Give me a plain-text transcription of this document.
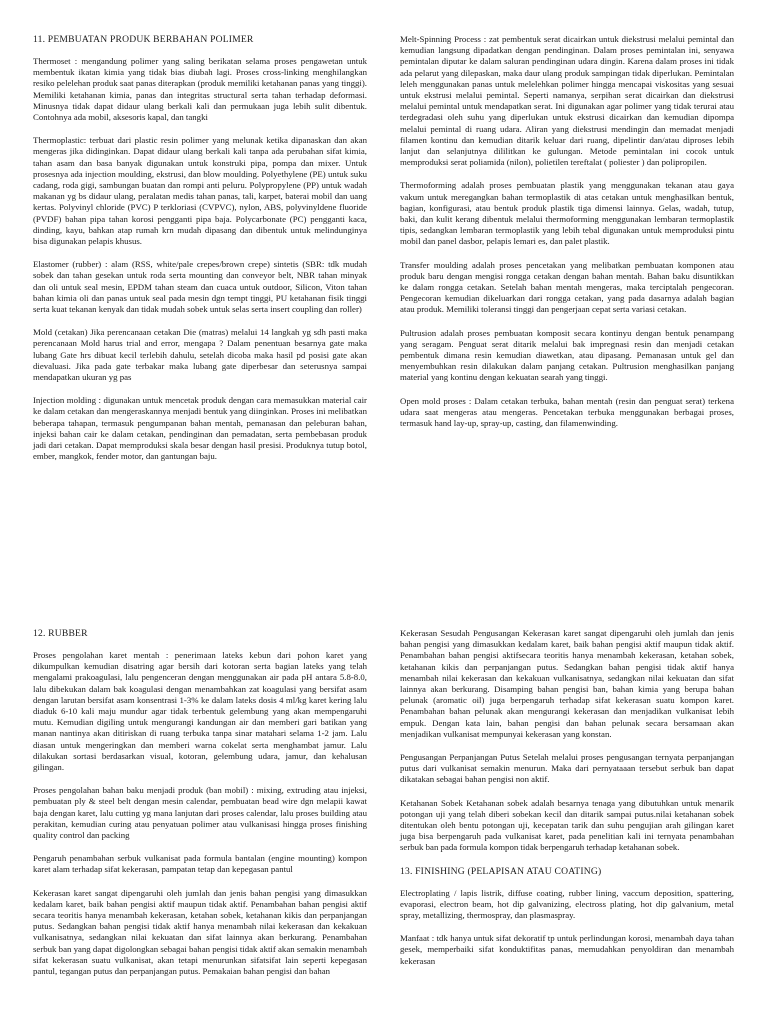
11. PEMBUATAN PRODUK BERBAHAN POLIMER

Thermoset : mengandung polimer yang saling berikatan selama proses pengawetan untuk membentuk ikatan kimia yang tidak bias diubah lagi. Proses cross-linking menghilangkan resiko pelelehan produk saat panas diterapkan (produk memiliki ketahanan panas yang tinggi). Memiliki ketahanan kimia, panas dan integritas structural serta tahan terhadap deformasi. Minusnya tidak dapat didaur ulang berkali kali dan permukaan juga lebih sulit dibentuk. Contohnya ada mobil, aksesoris kapal, dan tangki

Thermoplastic: terbuat dari plastic resin polimer yang melunak ketika dipanaskan dan akan mengeras jika didinginkan. Dapat didaur ulang berkali kali tanpa ada perubahan sifat kimia, tahan asam dan basa banyak digunakan untuk konstruki pipa, pompa dan mixer. Untuk prosesnya ada injection moulding, ekstrusi, dan blow moulding. Polyethylene (PE) untuk suku cadang, roda gigi, sambungan buatan dan rompi anti peluru. Polypropylene (PP) untuk wadah makanan yg bs didaur ulang, peralatan medis tahan panas, tali, karpet, baterai mobil dan uang kertas. Polyvinyl chloride (PVC) P terkloriasi (CVPVC), nylon, ABS, polyvinyldene fluoride (PVDF) bahan pipa tahan korosi pengganti pipa baja. Polycarbonate (PC) pengganti kaca, dinding, kayu, bahkan atap rumah krn mudah dipasang dan dibentuk untuk melindunginya bisa digunakan pelapis khusus.

Elastomer (rubber) : alam (RSS, white/pale crepes/brown crepe) sintetis (SBR: tdk mudah sobek dan tahan gesekan untuk roda serta mounting dan conveyor belt, NBR tahan minyak dan oli untuk seal mesin, EPDM tahan steam dan cuaca untuk outdoor, Silicon, Viton tahan bahan kimia oli dan panas untuk seal pada mesin dgn tempt tinggi, PU ketahanan fisik tinggi serta kuat tekanan kenyak dan tidak mudah sobek untuk selas serta insert coupling dan roller)

Mold (cetakan) Jika perencanaan cetakan Die (matras) melalui 14 langkah yg sdh pasti maka perencanaan Mold harus trial and error, mengapa ? Dalam penentuan besarnya gate maka lubang Gate hrs dibuat kecil terlebih dahulu, setelah dicoba maka hasil pd posisi gate akan dievaluasi. Jika pada gate terbakar maka lubang gate diperbesar dan seterusnya sampai mendapatkan ukuran yg pas

Injection molding : digunakan untuk mencetak produk dengan cara memasukkan material cair ke dalam cetakan dan mengeraskannya menjadi bentuk yang diinginkan. Proses ini melibatkan beberapa tahapan, termasuk pengumpanan bahan mentah, pemanasan dan peleburan bahan, injeksi bahan cair ke dalam cetakan, pendinginan dan pemadatan, serta pembebasan produk jadi dari cetakan. Dapat memproduksi skala besar dengan hasil presisi. Produknya tutup botol, ember, mangkok, fender motor, dan gantungan baju.

Melt-Spinning Process : zat pembentuk serat dicairkan untuk diekstrusi melalui pemintal dan kemudian langsung dipadatkan dengan pendinginan. Dalam proses pemintalan ini, senyawa pemintalan diputar ke dalam saluran pendinginan udara dingin. Karena dalam proses ini tidak ada pelarut yang dilepaskan, maka daur ulang produk sampingan tidak diperlukan. Pemintalan leleh menggunakan panas untuk melelehkan polimer hingga mencapai viskositas yang sesuai untuk ekstrusi melalui pemintal. Seperti namanya, serpihan serat dicairkan dan diekstrusi melalui pemintal untuk mendapatkan serat. Ini digunakan agar polimer yang tidak terurai atau terdegradasi oleh suhu yang diperlukan untuk ekstrusi dicairkan dan kemudian dipompa melalui pemintal di ruang udara. Aliran yang diekstrusi mendingin dan memadat menjadi filamen kontinu dan kemudian ditarik keluar dari ruang, dipelintir dan/atau diproses lebih lanjut dan selanjutnya dililitkan ke gulungan. Metode pemintalan ini cocok untuk memproduksi serat poliamida (nilon), polietilen tereftalat ( poliester ) dan polipropilen.

Thermoforming adalah proses pembuatan plastik yang menggunakan tekanan atau gaya vakum untuk meregangkan bahan termoplastik di atas cetakan untuk menghasilkan bentuk, bagian, konfigurasi, atau bentuk produk plastik tiga dimensi lainnya. Gelas, wadah, tutup, baki, dan kulit kerang dibentuk melalui thermoforming menggunakan lembaran termoplastik tipis, sedangkan lembaran termoplastik yang lebih tebal digunakan untuk memproduksi pintu mobil dan panel dasbor, pelapis lemari es, dan palet plastik.

Transfer moulding adalah proses pencetakan yang melibatkan pembuatan komponen atau produk baru dengan mengisi rongga cetakan dengan bahan mentah. Bahan baku disuntikkan ke dalam rongga cetakan. Setelah bahan mentah mengeras, maka terciptalah pengecoran. Pengecoran kemudian dikeluarkan dari rongga cetakan, yang pada dasarnya adalah bagian atau produk. Memiliki toleransi tinggi dan pengerjaan cepat serta variasi cetakan.

Pultrusion adalah proses pembuatan komposit secara kontinyu dengan bentuk penampang yang seragam. Penguat serat ditarik melalui bak impregnasi resin dan menjadi cetakan pembentuk dimana resin kemudian diawetkan, atau dipasang. Pemanasan untuk gel dan menyembuhkan resin dilakukan dalam panjang cetakan. Pultrusion menghasilkan panjang material yang kontinu dengan kekuatan searah yang tinggi.

Open mold proses : Dalam cetakan terbuka, bahan mentah (resin dan penguat serat) terkena udara saat mengeras atau mengeras. Pencetakan terbuka menggunakan berbagai proses, termasuk hand lay-up, spray-up, casting, dan filamenwinding.

12. RUBBER

Proses pengolahan karet mentah : penerimaan lateks kebun dari pohon karet yang dikumpulkan kemudian disatring agar bersih dari kotoran serta bagian lateks yang telah mengalami prakoagulasi, lalu pengenceran dengan menggunakan air pada pH antara 5.8-8.0, lalu dibekukan dalam bak koagulasi dengan menambahkan zat koagulasi yang bersifat asam dengan larutan bersifat asam konsentrasi 1-3% ke dalam lateks dosis 4 ml/kg karet kering lalu diaduk 6-10 kali maju mundur agar tidak terbentuk gelembung yang akan mempengaruhi mutu. Kemudian digiling untuk mengurangi kandungan air dan memberi gari batikan yang manan nantinya akan ditiriskan di ruang terbuka tanpa sinar matahari selama 1-2 jam. Lalu diasan untuk mengeringkan dan memberi warna cokelat serta menghambat jamur. Lalu dilakukan sortasi berdasarkan visual, kotoran, gelembung udara, jamur, dan kehalusan gilingan.

Proses pengolahan bahan baku menjadi produk (ban mobil) : mixing, extruding atau injeksi, pembuatan ply & steel belt dengan mesin calendar, pembuatan bead wire dgn melapii kawat baja dengan karet, lalu cutting yg mana lanjutan dari proses calendar, lalu proses building atau perakitan, kemudian curing atau penyatuan polimer atau vulkanisasi hingga proses finishing quality control dan packing

Pengaruh penambahan serbuk vulkanisat pada formula bantalan (engine mounting) kompon karet alam terhadap sifat kekerasan, pampatan tetap dan kepegasan pantul

Kekerasan karet sangat dipengaruhi oleh jumlah dan jenis bahan pengisi yang dimasukkan kedalam karet, baik bahan pengisi aktif maupun tidak aktif. Penambahan bahan pengisi aktif secara teoritis hanya menambah kekerasan, ketahan sobek, ketahanan kikis dan perpanjangan putus. Sedangkan bahan pengisi tidak aktif hanya menambah nilai kekerasan dan kekakuan vulkanisatnya, sedangkan nilai kekuatan dan sifat lainnya akan berkurang. Penambahan serbuk ban yang dapat digolongkan sebagai bahan pengisi tidak aktif akan semakin menambah sifat kekerasan suatu vulkanisat, akan tetapi menurunkan sifatsifat lain seperti kepegasan pantul, tegangan putus dan perpanjangan putus. Pemakaian bahan pengisi dan bahan

Kekerasan Sesudah Pengusangan Kekerasan karet sangat dipengaruhi oleh jumlah dan jenis bahan pengisi yang dimasukkan kedalam karet, baik bahan pengisi aktif maupun tidak aktif. Penambahan bahan pengisi aktifsecara teoritis hanya menambah kekerasan, ketahan sobek, ketahanan kikis dan perpanjangan putus. Sedangkan bahan pengisi tidak aktif hanya menambah nilai kekerasan dan kekakuan vulkanisatnya, sedangkan nilai kekuatan dan sifat lainnya akan berkurang. Disamping bahan pengisi ban, bahan kimia yang berupa bahan pelunak (aromatic oil) juga berpengaruh terhadap sifat kekerasan suatu kompon karet. Penambahan bahan pelunak akan mengurangi kekerasan dan menjadikan vulkanisat lebih empuk. Dengan kata lain, bahan pengisi dan bahan pelunak secara bersamaan akan menjadikan vulkanisat mempunyai kekerasan yang konstan.

Pengusangan Perpanjangan Putus Setelah melalui proses pengusangan ternyata perpanjangan putus dari vulkanisat semakin menurun. Maka dari pernyataaan tersebut serbuk ban dapat dikatakan sebagai bahan pengisi non aktif.

Ketahanan Sobek Ketahanan sobek adalah besarnya tenaga yang dibutuhkan untuk menarik potongan uji yang telah diberi sobekan kecil dan ditarik sampai putus.nilai ketahanan sobek ditentukan oleh bentu potongan uji, kecepatan tarik dan suhu pengujian arah gilingan karet juga bisa berpengaruh pada vulkanisat karet, pada penelitian kali ini ternyata penambahan serbuk ban pada formula kompon tidak berpengaruh terhadap ketahanan sobek.

13. FINISHING (PELAPISAN ATAU COATING)

Electroplating / lapis listrik, diffuse coating, rubber lining, vaccum deposition, spattering, evaporasi, electron beam, hot dip galvanizing, electross plating, hot dip galvanium, metal spray, metallizing, thermospray, dan plasmaspray.

Manfaat : tdk hanya untuk sifat dekoratif tp untuk perlindungan korosi, menambah daya tahan gesek, memperbaiki sifat konduktifitas panas, memudahkan penyoldiran dan menambah kekerasan
